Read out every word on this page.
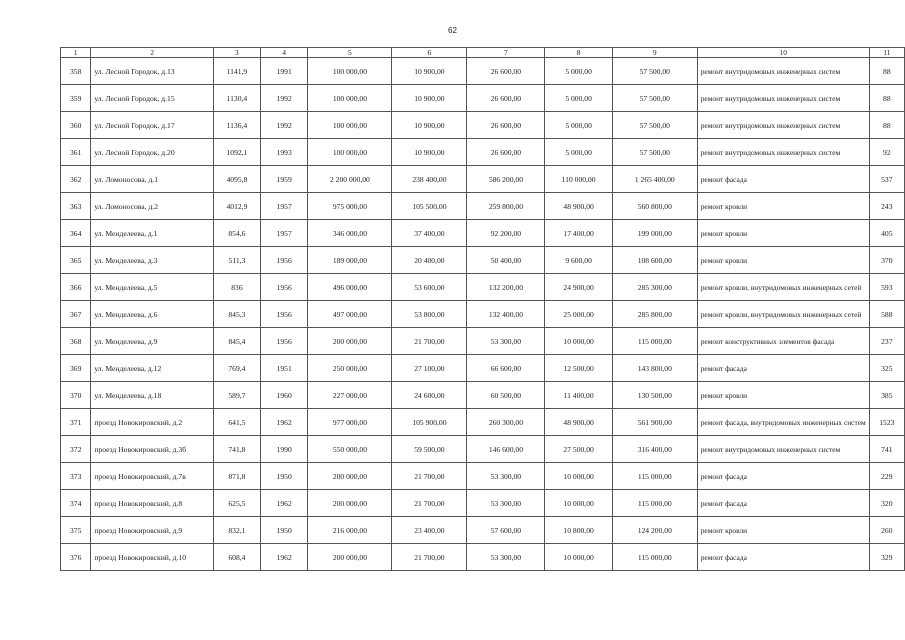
62
1	2	3	4	5	6	7	8	9	10	11
358	ул. Лесной Городок, д.13	1141,9	1991	100 000,00	10 900,00	26 600,00	5 000,00	57 500,00	ремонт внутридомовых инженерных систем	88
359	ул. Лесной Городок, д.15	1130,4	1992	100 000,00	10 900,00	26 600,00	5 000,00	57 500,00	ремонт внутридомовых инженерных систем	88
360	ул. Лесной Городок, д.17	1136,4	1992	100 000,00	10 900,00	26 600,00	5 000,00	57 500,00	ремонт внутридомовых инженерных систем	88
361	ул. Лесной Городок, д.20	1092,1	1993	100 000,00	10 900,00	26 600,00	5 000,00	57 500,00	ремонт внутридомовых инженерных систем	92
362	ул. Ломоносова, д.1	4095,8	1959	2 200 000,00	238 400,00	586 200,00	110 000,00	1 265 400,00	ремонт фасада	537
363	ул. Ломоносова, д.2	4012,9	1957	975 000,00	105 500,00	259 800,00	48 900,00	560 800,00	ремонт кровли	243
364	ул. Менделеева, д.1	854,6	1957	346 000,00	37 400,00	92 200,00	17 400,00	199 000,00	ремонт кровли	405
365	ул. Менделеева, д.3	511,3	1956	189 000,00	20 400,00	50 400,00	9 600,00	108 600,00	ремонт кровли	370
366	ул. Менделеева, д.5	836	1956	496 000,00	53 600,00	132 200,00	24 900,00	285 300,00	ремонт кровли, внутридомовых инженерных сетей	593
367	ул. Менделеева, д.6	845,3	1956	497 000,00	53 800,00	132 400,00	25 000,00	285 800,00	ремонт кровли, внутридомовых инженерных сетей	588
368	ул. Менделеева, д.9	845,4	1956	200 000,00	21 700,00	53 300,00	10 000,00	115 000,00	ремонт конструктивных элементов фасада	237
369	ул. Менделеева, д.12	769,4	1951	250 000,00	27 100,00	66 600,00	12 500,00	143 800,00	ремонт фасада	325
370	ул. Менделеева, д.18	589,7	1960	227 000,00	24 600,00	60 500,00	11 400,00	130 500,00	ремонт кровли	385
371	проезд Новокировский, д.2	641,5	1962	977 000,00	105 900,00	260 300,00	48 900,00	561 900,00	ремонт фасада, внутридомовых инженерных систем	1523
372	проезд Новокировский, д.3б	741,8	1990	550 000,00	59 500,00	146 600,00	27 500,00	316 400,00	ремонт внутридомовых инженерных систем	741
373	проезд Новокировский, д.7в	871,8	1950	200 000,00	21 700,00	53 300,00	10 000,00	115 000,00	ремонт фасада	229
374	проезд Новокировский, д.8	625,5	1962	200 000,00	21 700,00	53 300,00	10 000,00	115 000,00	ремонт фасада	320
375	проезд Новокировский, д.9	832,1	1950	216 000,00	23 400,00	57 600,00	10 800,00	124 200,00	ремонт кровли	260
376	проезд Новокировский, д.10	608,4	1962	200 000,00	21 700,00	53 300,00	10 000,00	115 000,00	ремонт фасада	329
